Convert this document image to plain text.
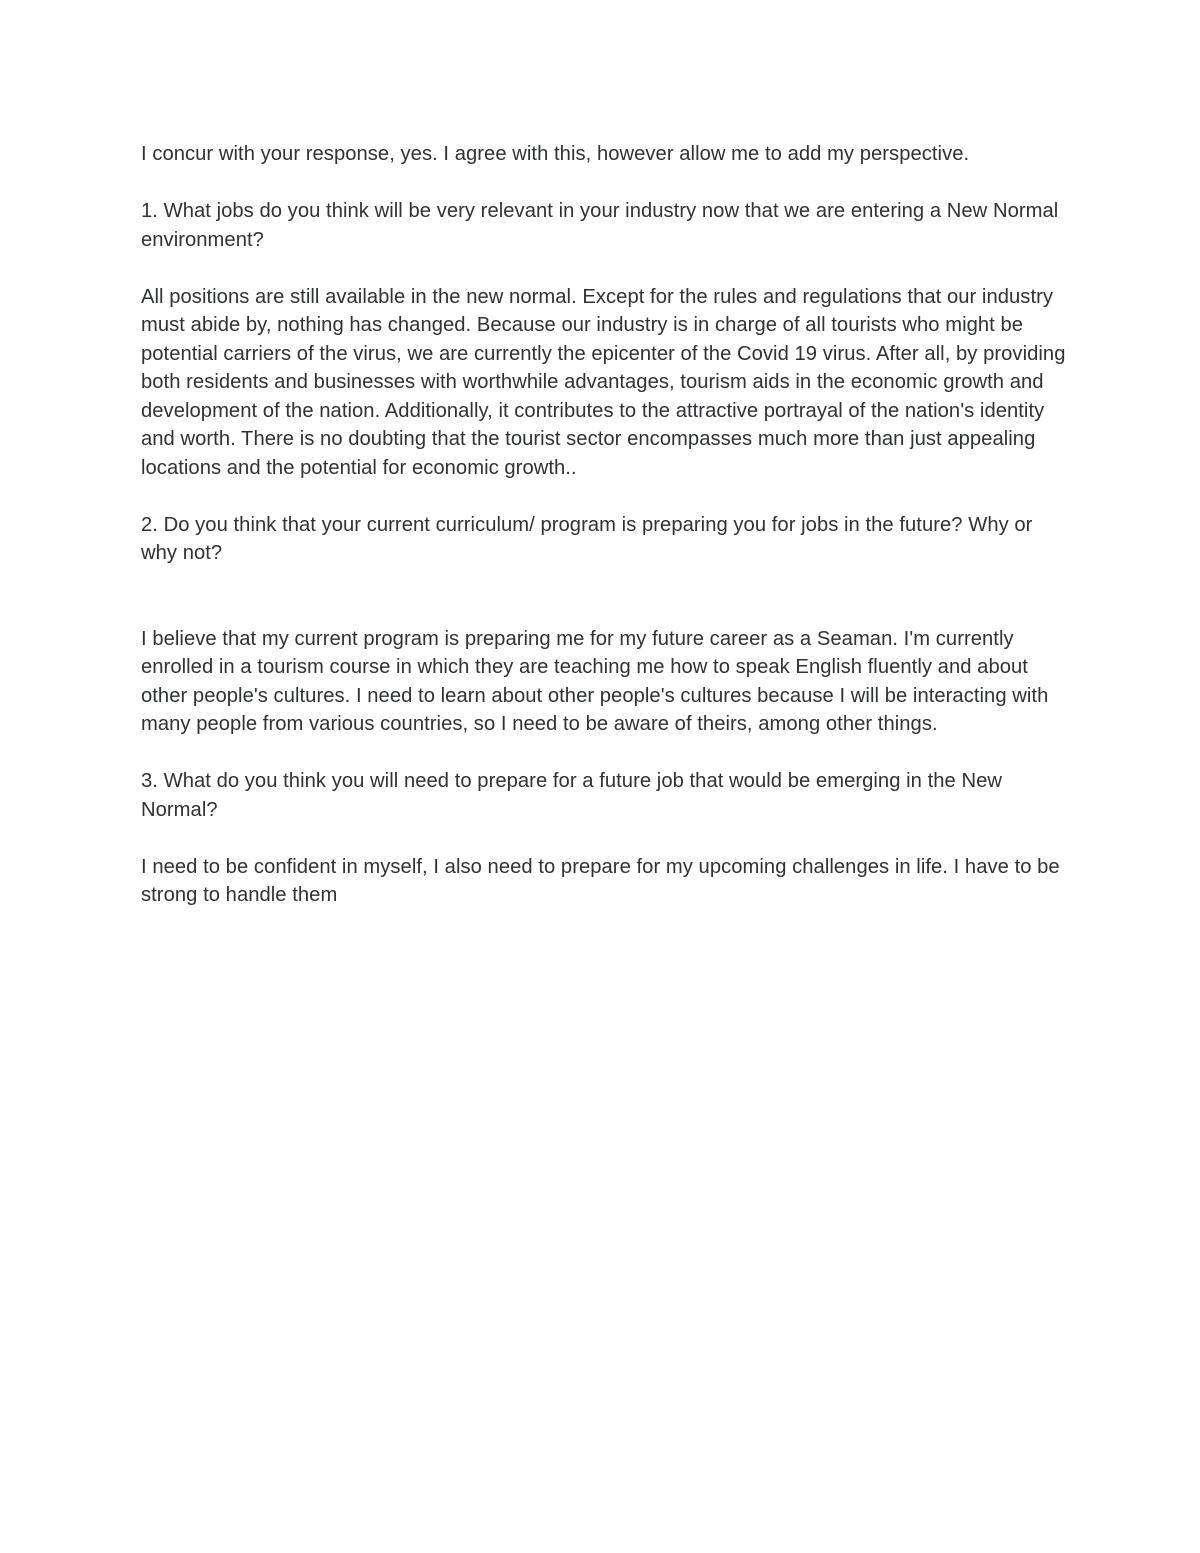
I concur with your response, yes. I agree with this, however allow me to add my perspective.

1. What jobs do you think will be very relevant in your industry now that we are entering a New Normal environment?

All positions are still available in the new normal. Except for the rules and regulations that our industry must abide by, nothing has changed. Because our industry is in charge of all tourists who might be potential carriers of the virus, we are currently the epicenter of the Covid 19 virus. After all, by providing both residents and businesses with worthwhile advantages, tourism aids in the economic growth and development of the nation. Additionally, it contributes to the attractive portrayal of the nation's identity and worth. There is no doubting that the tourist sector encompasses much more than just appealing locations and the potential for economic growth..

2. Do you think that your current curriculum/ program is preparing you for jobs in the future? Why or why not?

I believe that my current program is preparing me for my future career as a Seaman. I'm currently enrolled in a tourism course in which they are teaching me how to speak English fluently and about other people's cultures. I need to learn about other people's cultures because I will be interacting with many people from various countries, so I need to be aware of theirs, among other things.

3. What do you think you will need to prepare for a future job that would be emerging in the New Normal?

I need to be confident in myself, I also need to prepare for my upcoming challenges in life. I have to be strong to handle them
